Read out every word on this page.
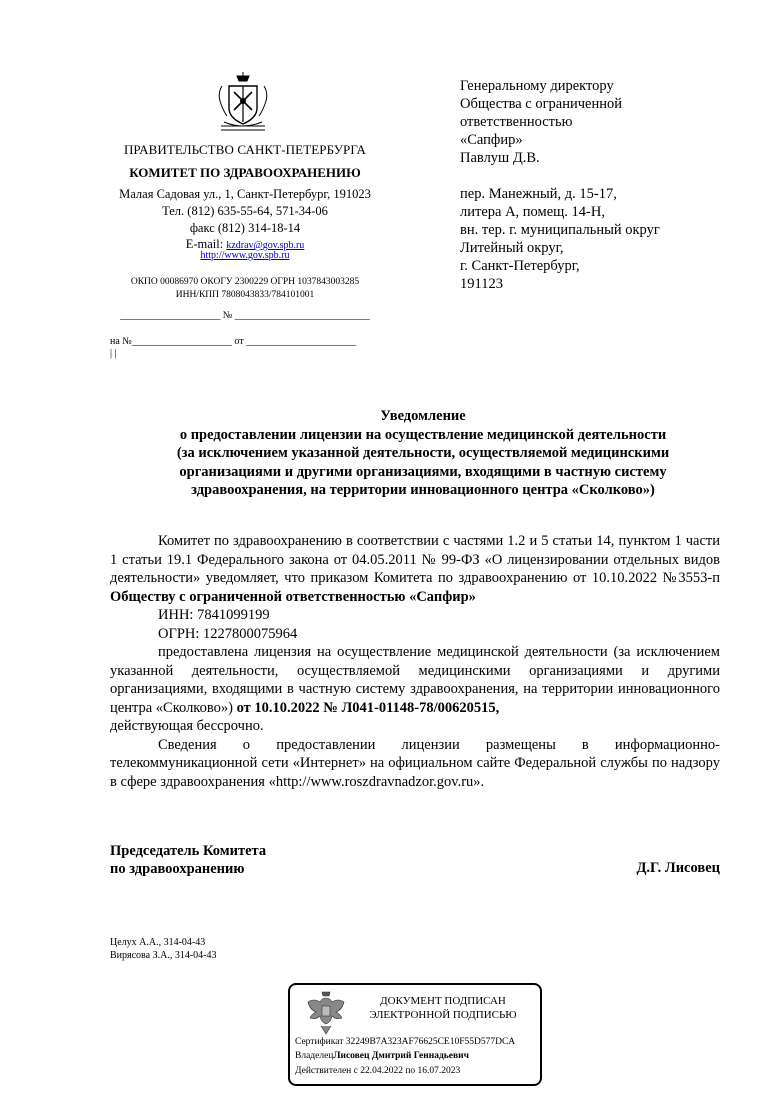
ПРАВИТЕЛЬСТВО САНКТ-ПЕТЕРБУРГА
КОМИТЕТ ПО ЗДРАВООХРАНЕНИЮ
Малая Садовая ул., 1, Санкт-Петербург, 191023
Тел. (812) 635-55-64, 571-34-06
факс (812) 314-18-14
E-mail: kzdrav@gov.spb.ru
http://www.gov.spb.ru
ОКПО 00086970 ОКОГУ 2300229 ОГРН 1037843003285
ИНН/КПП 7808043833/784101001
____________________ № ___________________________
на №____________________ от ______________________
| |
Генеральному директору
Общества с ограниченной
ответственностью
«Сапфир»
Павлуш Д.В.
пер. Манежный, д. 15-17,
литера А, помещ. 14-Н,
вн. тер. г. муниципальный округ
Литейный округ,
г. Санкт-Петербург,
191123
Уведомление
о предоставлении лицензии на осуществление медицинской деятельности
(за исключением указанной деятельности, осуществляемой медицинскими
организациями и другими организациями, входящими в частную систему
здравоохранения, на территории инновационного центра «Сколково»)

Комитет по здравоохранению в соответствии с частями 1.2 и 5 статьи 14, пунктом 1 части 1 статьи 19.1 Федерального закона от 04.05.2011 № 99-ФЗ «О лицензировании отдельных видов деятельности» уведомляет, что приказом Комитета по здравоохранению от 10.10.2022 №3553-п Обществу с ограниченной ответственностью «Сапфир»

ИНН: 7841099199

ОГРН: 1227800075964

предоставлена лицензия на осуществление медицинской деятельности (за исключением указанной деятельности, осуществляемой медицинскими организациями и другими организациями, входящими в частную систему здравоохранения, на территории инновационного центра «Сколково») от 10.10.2022 № Л041-01148-78/00620515,

действующая бессрочно.

Сведения о предоставлении лицензии размещены в информационно-телекоммуникационной сети «Интернет» на официальном сайте Федеральной службы по надзору в сфере здравоохранения «http://www.roszdravnadzor.gov.ru».

Председатель Комитета
по здравоохранению	Д.Г. Лисовец
Целух А.А., 314-04-43
Вирясова З.А., 314-04-43
ДОКУМЕНТ ПОДПИСАН
ЭЛЕКТРОННОЙ ПОДПИСЬЮ
Сертификат 32249B7A323AF76625CE10F55D577DCA
ВладелецЛисовец Дмитрий Геннадьевич
Действителен с 22.04.2022 по 16.07.2023
